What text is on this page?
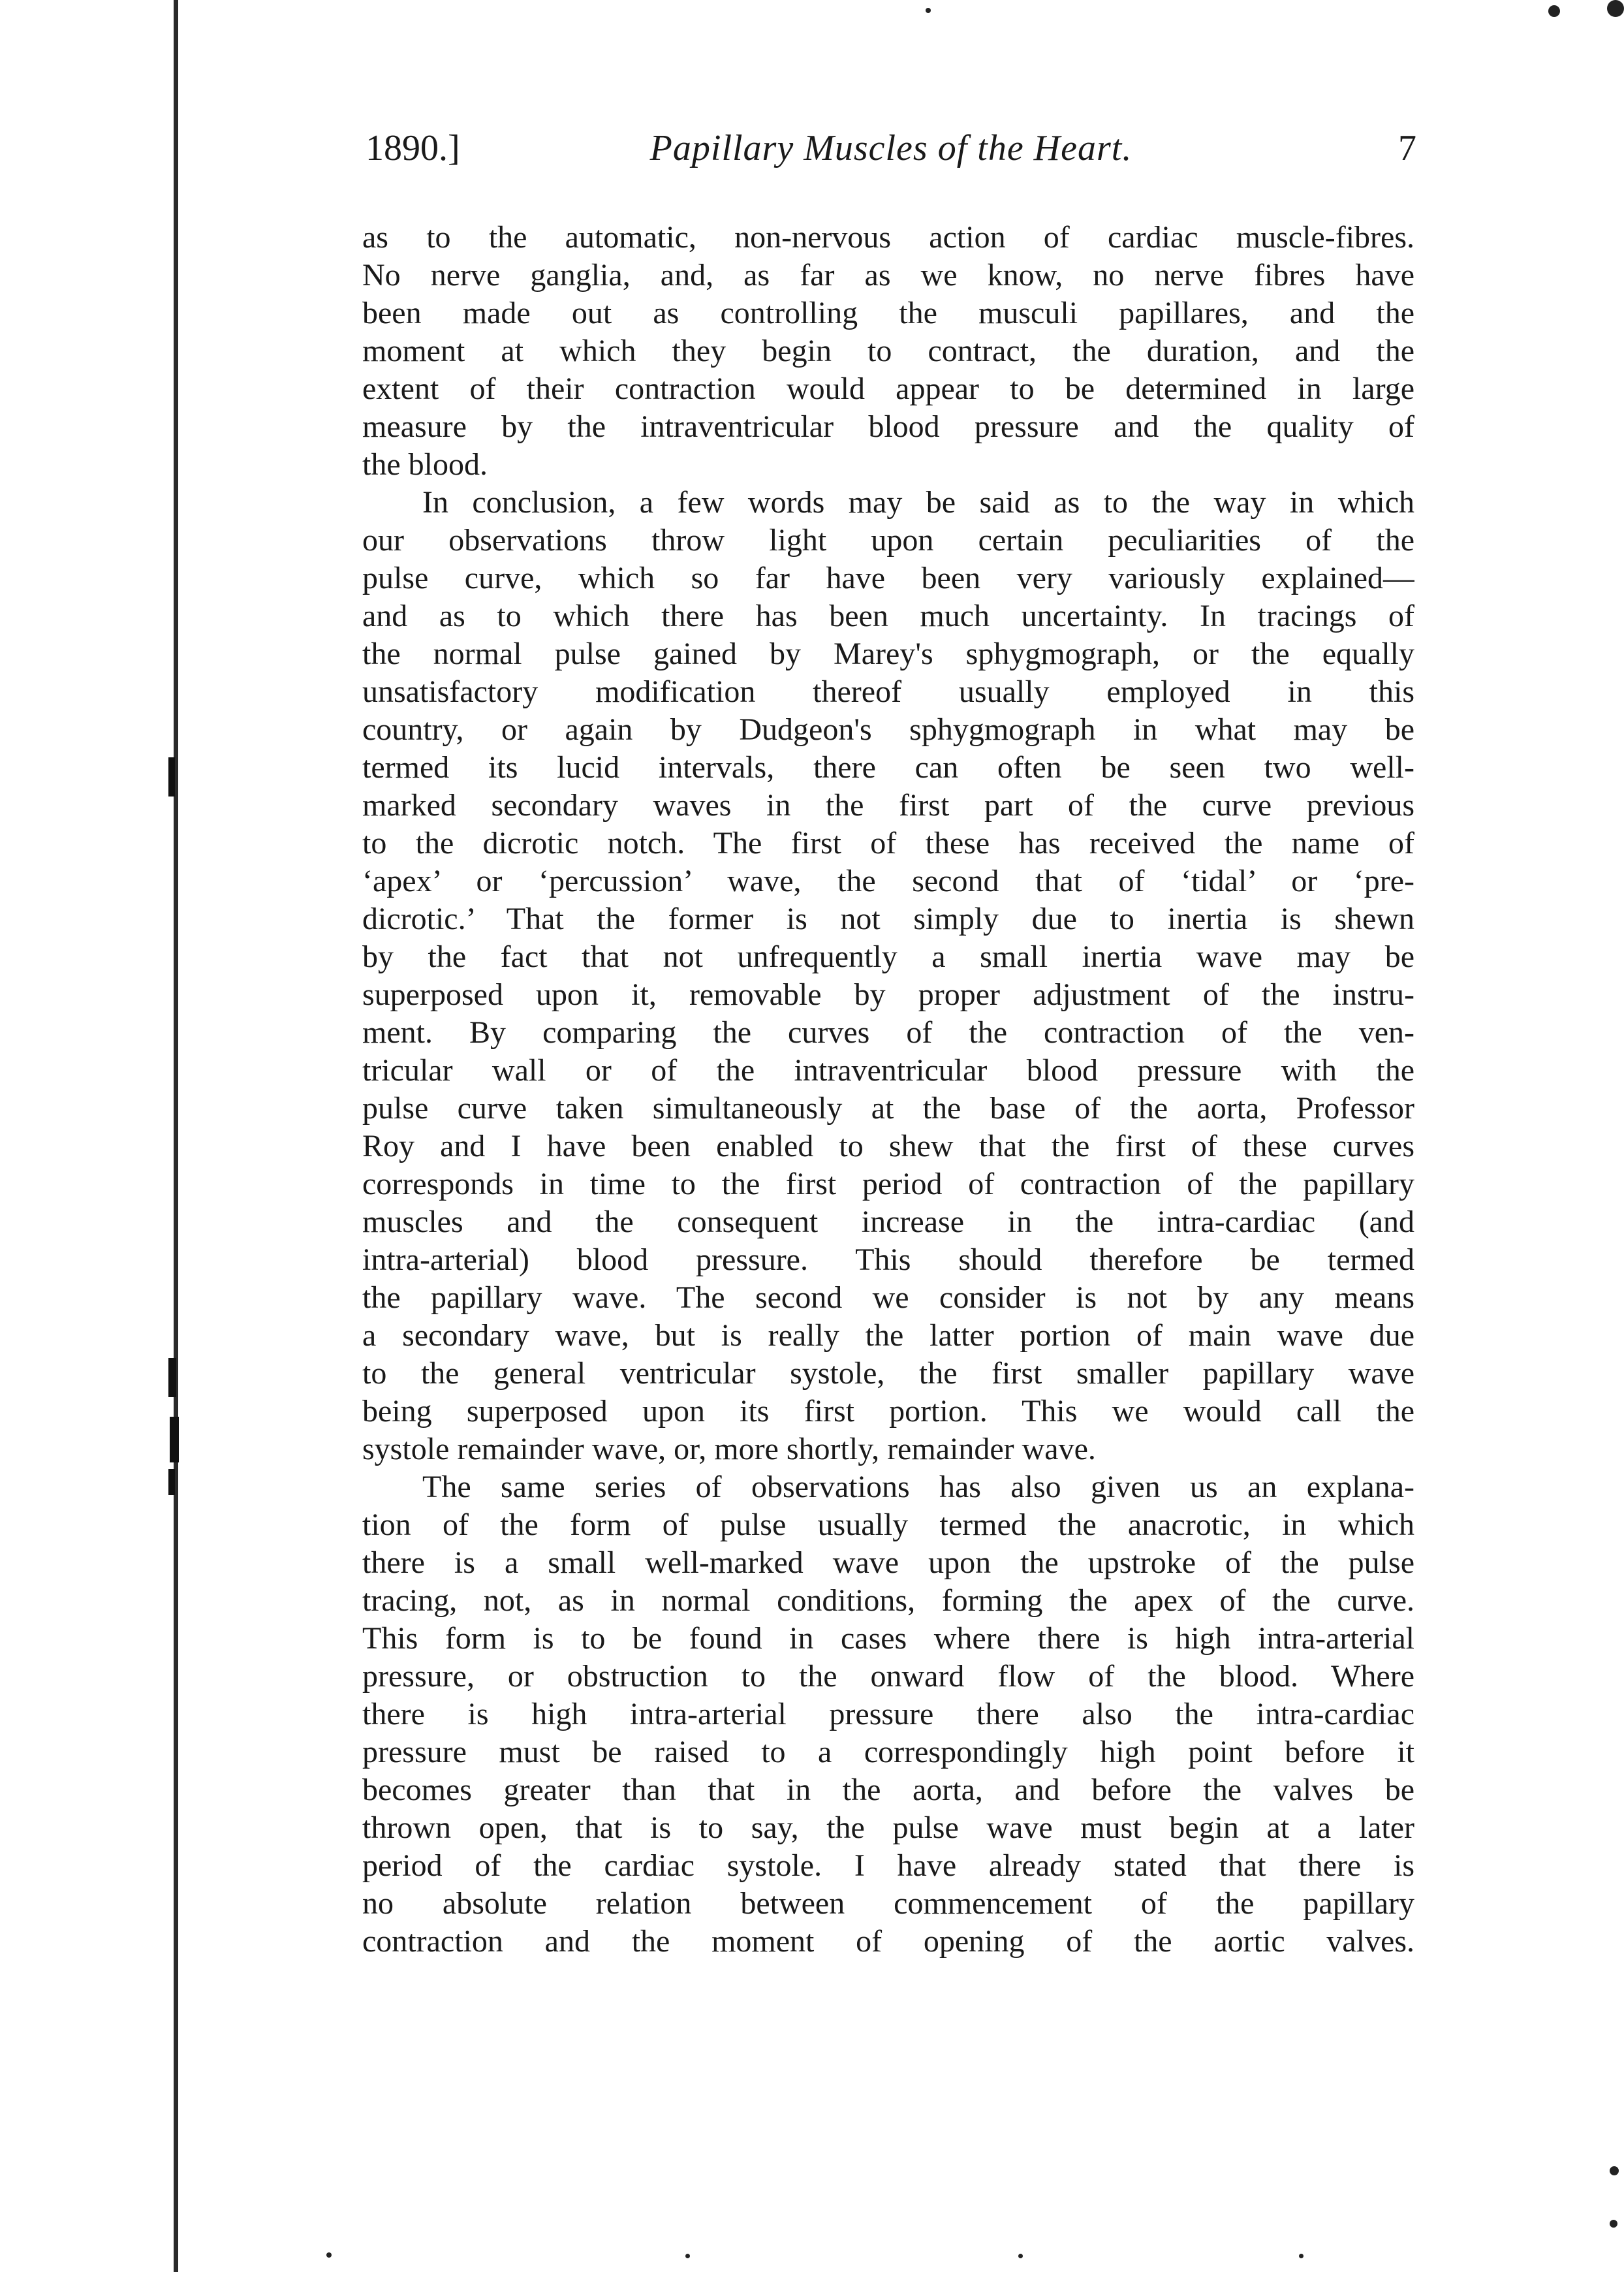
1890.]	Papillary Muscles of the Heart.	7
as to the automatic, non-nervous action of cardiac muscle-fibres.
No nerve ganglia, and, as far as we know, no nerve fibres have
been made out as controlling the musculi papillares, and the
moment at which they begin to contract, the duration, and the
extent of their contraction would appear to be determined in large
measure by the intraventricular blood pressure and the quality of
the blood.
In conclusion, a few words may be said as to the way in which
our observations throw light upon certain peculiarities of the
pulse curve, which so far have been very variously explained—
and as to which there has been much uncertainty. In tracings of
the normal pulse gained by Marey's sphygmograph, or the equally
unsatisfactory modification thereof usually employed in this
country, or again by Dudgeon's sphygmograph in what may be
termed its lucid intervals, there can often be seen two well-
marked secondary waves in the first part of the curve previous
to the dicrotic notch. The first of these has received the name of
‘apex’ or ‘percussion’ wave, the second that of ‘tidal’ or ‘pre-
dicrotic.’ That the former is not simply due to inertia is shewn
by the fact that not unfrequently a small inertia wave may be
superposed upon it, removable by proper adjustment of the instru-
ment. By comparing the curves of the contraction of the ven-
tricular wall or of the intraventricular blood pressure with the
pulse curve taken simultaneously at the base of the aorta, Professor
Roy and I have been enabled to shew that the first of these curves
corresponds in time to the first period of contraction of the papillary
muscles and the consequent increase in the intra-cardiac (and
intra-arterial) blood pressure. This should therefore be termed
the papillary wave. The second we consider is not by any means
a secondary wave, but is really the latter portion of main wave due
to the general ventricular systole, the first smaller papillary wave
being superposed upon its first portion. This we would call the
systole remainder wave, or, more shortly, remainder wave.
The same series of observations has also given us an explana-
tion of the form of pulse usually termed the anacrotic, in which
there is a small well-marked wave upon the upstroke of the pulse
tracing, not, as in normal conditions, forming the apex of the curve.
This form is to be found in cases where there is high intra-arterial
pressure, or obstruction to the onward flow of the blood. Where
there is high intra-arterial pressure there also the intra-cardiac
pressure must be raised to a correspondingly high point before it
becomes greater than that in the aorta, and before the valves be
thrown open, that is to say, the pulse wave must begin at a later
period of the cardiac systole. I have already stated that there is
no absolute relation between commencement of the papillary
contraction and the moment of opening of the aortic valves.
